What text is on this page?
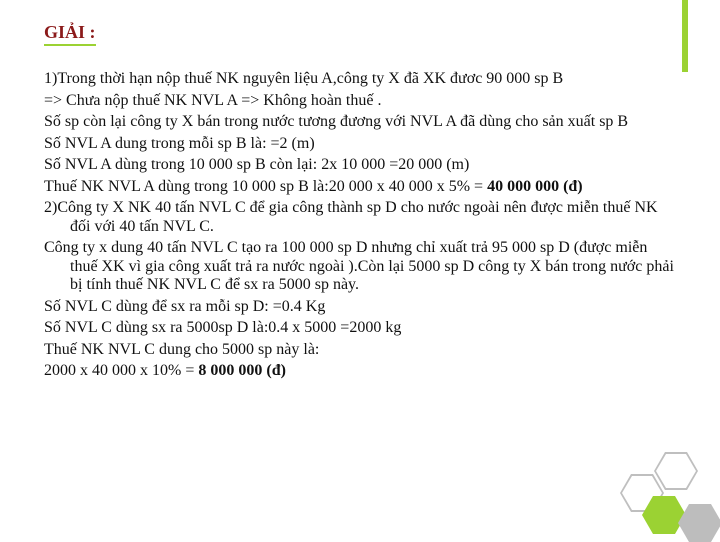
GIẢI :
1)Trong thời hạn nộp thuế NK nguyên liệu A,công ty X đã XK đươc 90 000 sp B
=> Chưa nộp thuế NK NVL A => Không hoàn thuế .
Số sp còn lại công ty X bán trong nước tương đương với NVL A đã dùng cho sản xuất sp B
Số NVL A dung trong mỗi sp B là: =2 (m)
Số NVL A dùng trong 10 000 sp B còn lại: 2x 10 000 =20 000 (m)
Thuế NK NVL A dùng trong 10 000 sp B là:20 000 x 40 000 x 5% = 40 000 000 (đ)
2)Công ty X NK 40 tấn NVL C để gia công thành sp D cho nước ngoài nên được miễn thuế NK đối với 40 tấn NVL C.
Công ty x dung 40 tấn NVL C tạo ra 100 000 sp D nhưng chỉ xuất trả 95 000 sp D (được miễn thuế XK vì gia công xuất trả ra nước ngoài ).Còn lại 5000 sp D công ty X bán trong nước phải bị tính thuế NK NVL C để sx ra 5000 sp này.
Số NVL C dùng để sx ra mỗi sp D: =0.4 Kg
Số NVL C dùng sx ra 5000sp D là:0.4 x 5000 =2000 kg
Thuế NK NVL C dung cho 5000 sp này là:
2000 x 40 000 x 10% = 8 000 000 (đ)
